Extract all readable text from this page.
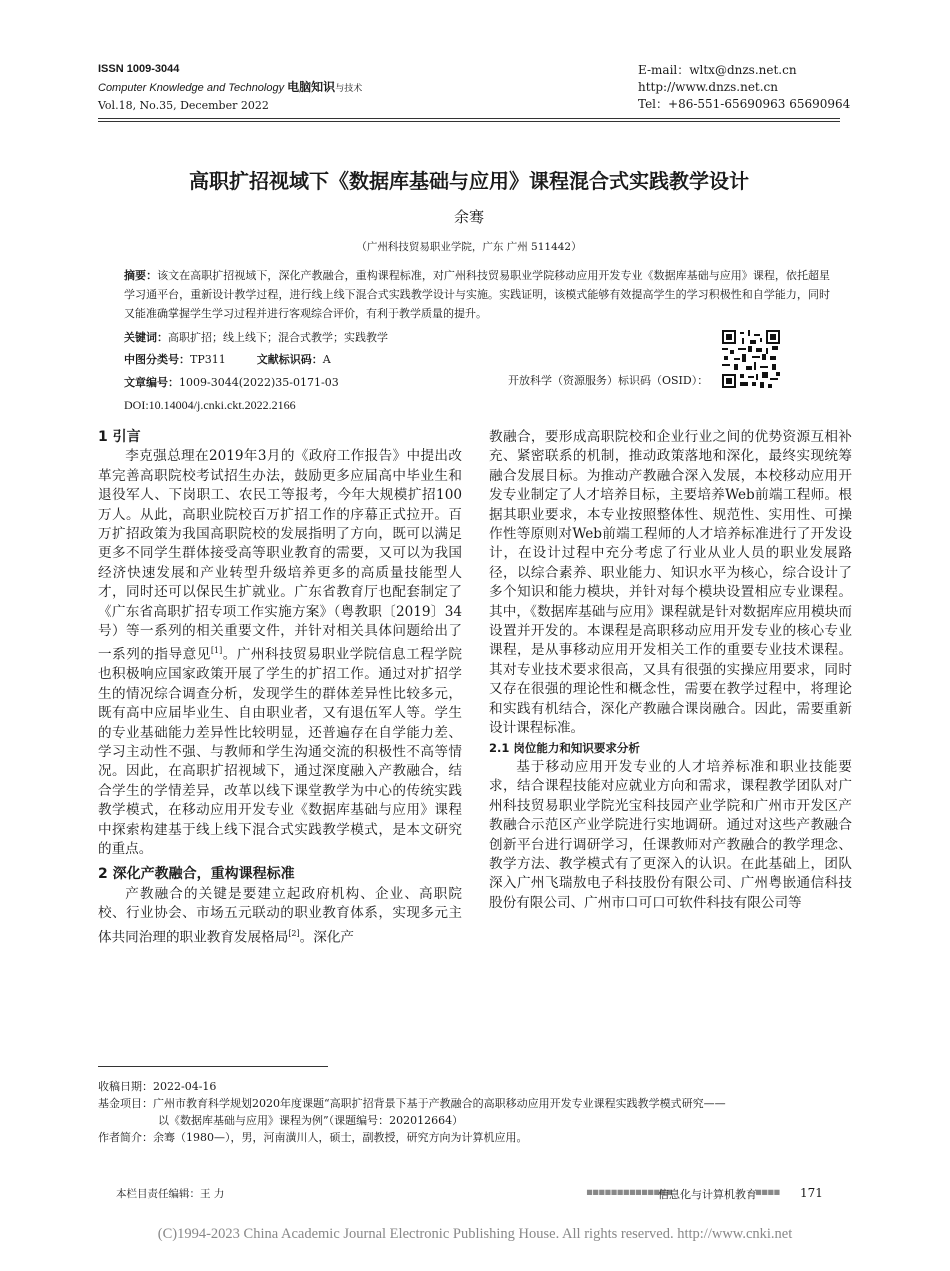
ISSN 1009-3044
Computer Knowledge and Technology 电脑知识与技术
Vol.18, No.35, December 2022
E-mail：wltx@dnzs.net.cn
http://www.dnzs.net.cn
Tel：+86-551-65690963 65690964
高职扩招视域下《数据库基础与应用》课程混合式实践教学设计
余骞
（广州科技贸易职业学院，广东 广州 511442）
摘要：该文在高职扩招视域下，深化产教融合，重构课程标准，对广州科技贸易职业学院移动应用开发专业《数据库基础与应用》课程，依托超星学习通平台，重新设计教学过程，进行线上线下混合式实践教学设计与实施。实践证明，该模式能够有效提高学生的学习积极性和自学能力，同时又能准确掌握学生学习过程并进行客观综合评价，有利于教学质量的提升。
关键词：高职扩招；线上线下；混合式教学；实践教学
中图分类号：TP311	文献标识码：A
文章编号：1009-3044(2022)35-0171-03
DOI:10.14004/j.cnki.ckt.2022.2166
开放科学（资源服务）标识码（OSID）：

1 引言

李克强总理在2019年3月的《政府工作报告》中提出改革完善高职院校考试招生办法，鼓励更多应届高中毕业生和退役军人、下岗职工、农民工等报考，今年大规模扩招100万人。从此，高职业院校百万扩招工作的序幕正式拉开。百万扩招政策为我国高职院校的发展指明了方向，既可以满足更多不同学生群体接受高等职业教育的需要，又可以为我国经济快速发展和产业转型升级培养更多的高质量技能型人才，同时还可以保民生扩就业。广东省教育厅也配套制定了《广东省高职扩招专项工作实施方案》（粤教职〔2019〕34号）等一系列的相关重要文件，并针对相关具体问题给出了一系列的指导意见[1]。广州科技贸易职业学院信息工程学院也积极响应国家政策开展了学生的扩招工作。通过对扩招学生的情况综合调查分析，发现学生的群体差异性比较多元，既有高中应届毕业生、自由职业者，又有退伍军人等。学生的专业基础能力差异性比较明显，还普遍存在自学能力差、学习主动性不强、与教师和学生沟通交流的积极性不高等情况。因此，在高职扩招视域下，通过深度融入产教融合，结合学生的学情差异，改革以线下课堂教学为中心的传统实践教学模式，在移动应用开发专业《数据库基础与应用》课程中探索构建基于线上线下混合式实践教学模式，是本文研究的重点。

2 深化产教融合，重构课程标准

产教融合的关键是要建立起政府机构、企业、高职院校、行业协会、市场五元联动的职业教育体系，实现多元主体共同治理的职业教育发展格局[2]。深化产

教融合，要形成高职院校和企业行业之间的优势资源互相补充、紧密联系的机制，推动政策落地和深化，最终实现统筹融合发展目标。为推动产教融合深入发展，本校移动应用开发专业制定了人才培养目标，主要培养Web前端工程师。根据其职业要求，本专业按照整体性、规范性、实用性、可操作性等原则对Web前端工程师的人才培养标准进行了开发设计，在设计过程中充分考虑了行业从业人员的职业发展路径，以综合素养、职业能力、知识水平为核心，综合设计了多个知识和能力模块，并针对每个模块设置相应专业课程。其中，《数据库基础与应用》课程就是针对数据库应用模块而设置并开发的。本课程是高职移动应用开发专业的核心专业课程，是从事移动应用开发相关工作的重要专业技术课程。其对专业技术要求很高，又具有很强的实操应用要求，同时又存在很强的理论性和概念性，需要在教学过程中，将理论和实践有机结合，深化产教融合课岗融合。因此，需要重新设计课程标准。

2.1 岗位能力和知识要求分析

基于移动应用开发专业的人才培养标准和职业技能要求，结合课程技能对应就业方向和需求，课程教学团队对广州科技贸易职业学院光宝科技园产业学院和广州市开发区产教融合示范区产业学院进行实地调研。通过对这些产教融合创新平台进行调研学习，任课教师对产教融合的教学理念、教学方法、教学模式有了更深入的认识。在此基础上，团队深入广州飞瑞敖电子科技股份有限公司、广州粤嵌通信科技股份有限公司、广州市口可口可软件科技有限公司等

收稿日期：2022-04-16
基金项目：广州市教育科学规划2020年度课题“高职扩招背景下基于产教融合的高职移动应用开发专业课程实践教学模式研究——
以《数据库基础与应用》课程为例”（课题编号：202012664）
作者简介：余骞（1980—），男，河南潢川人，硕士，副教授，研究方向为计算机应用。
本栏目责任编辑：王 力	▪▪▪▪▪▪▪▪▪▪▪▪▪▪
信息化与计算机教育
▪▪▪▪ 171
(C)1994-2023 China Academic Journal Electronic Publishing House. All rights reserved. http://www.cnki.net
